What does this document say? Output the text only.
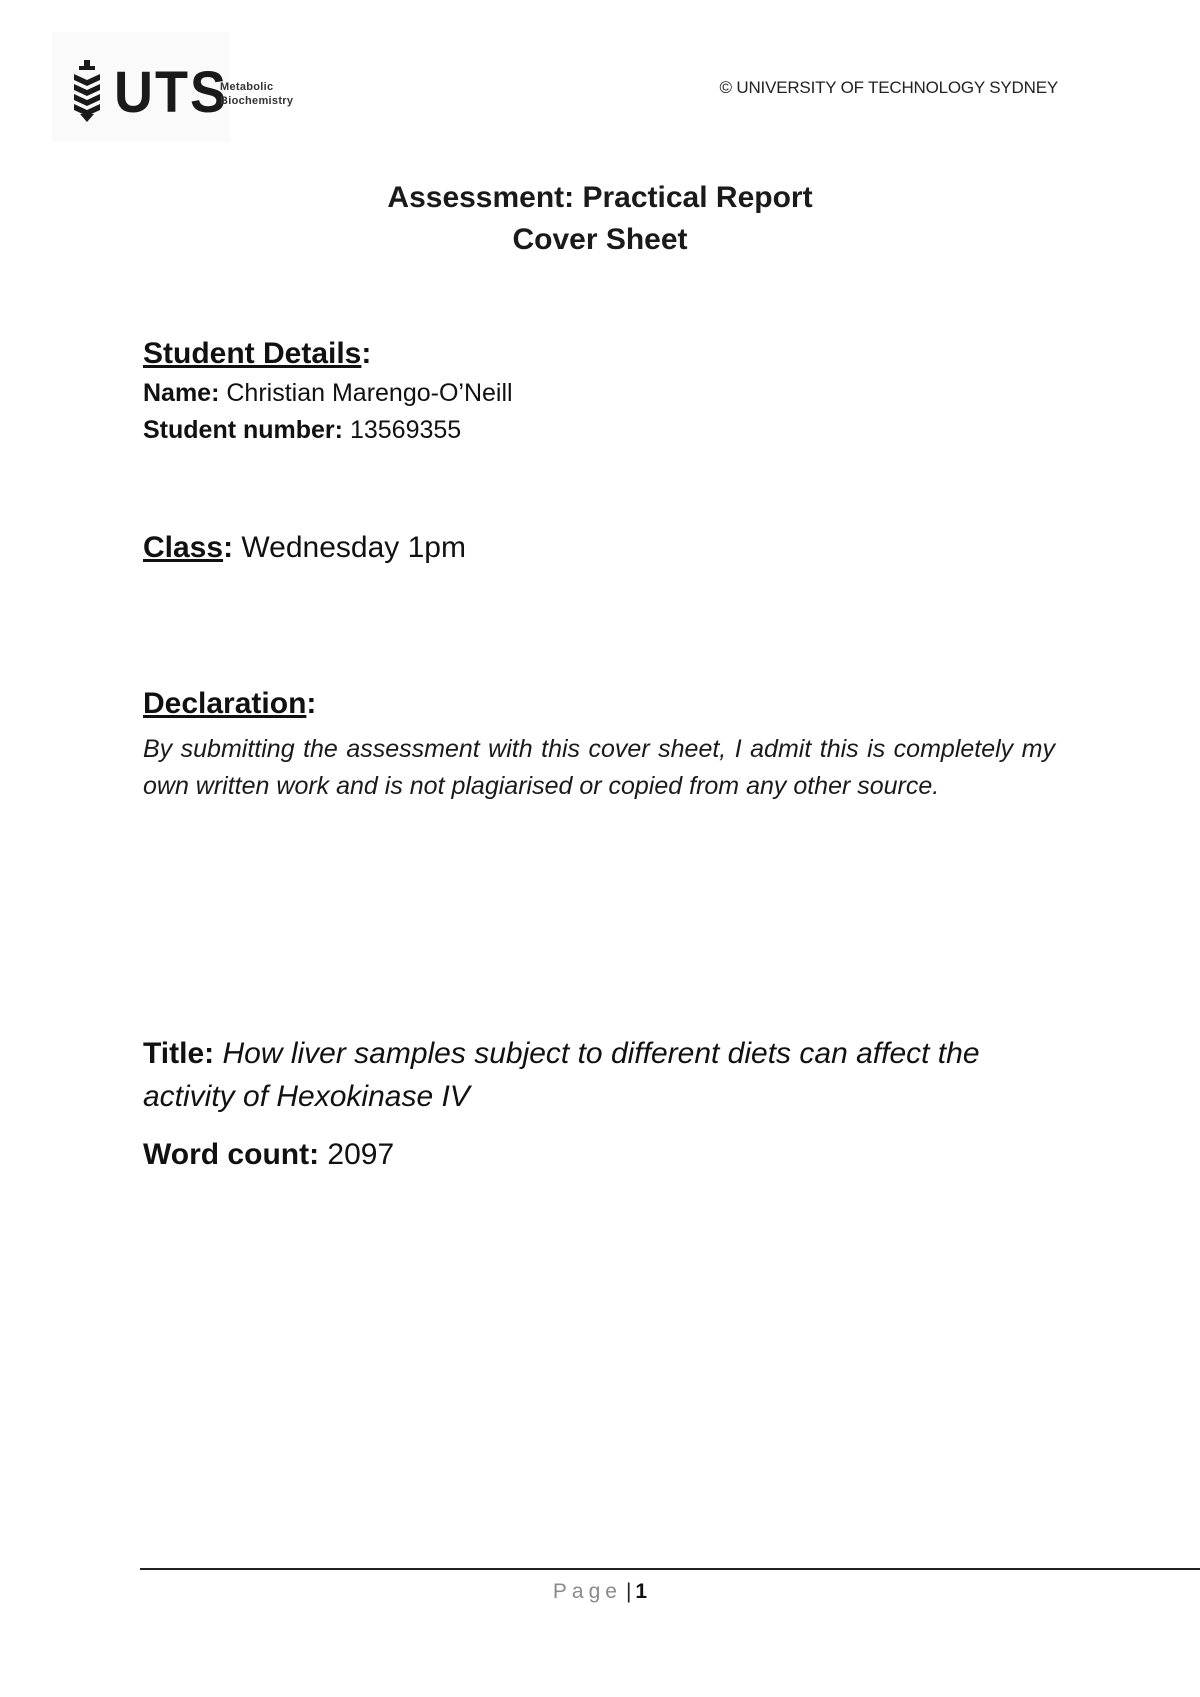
UTS
Metabolic
Biochemistry
© UNIVERSITY OF TECHNOLOGY SYDNEY
Assessment: Practical Report
Cover Sheet
Student Details:
Name: Christian Marengo-O’Neill
Student number: 13569355
Class: Wednesday 1pm
Declaration:
By submitting the assessment with this cover sheet, I admit this is completely my own written work and is not plagiarised or copied from any other source.
Title: How liver samples subject to different diets can affect the activity of Hexokinase IV
Word count: 2097
Page | 1
